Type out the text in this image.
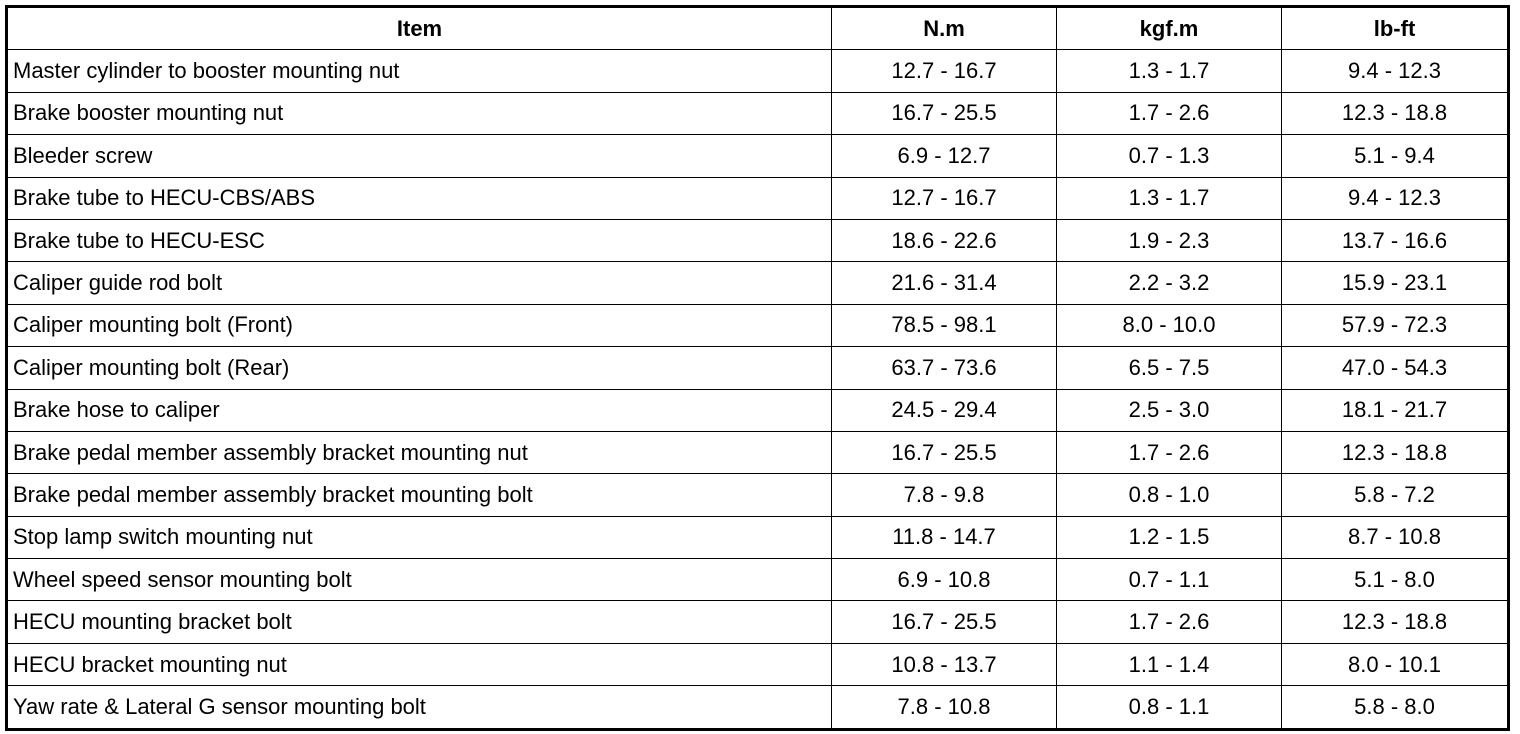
Item	N.m	kgf.m	lb-ft
Master cylinder to booster mounting nut	12.7 - 16.7	1.3 - 1.7	9.4 - 12.3
Brake booster mounting nut	16.7 - 25.5	1.7 - 2.6	12.3 - 18.8
Bleeder screw	6.9 - 12.7	0.7 - 1.3	5.1 - 9.4
Brake tube to HECU-CBS/ABS	12.7 - 16.7	1.3 - 1.7	9.4 - 12.3
Brake tube to HECU-ESC	18.6 - 22.6	1.9 - 2.3	13.7 - 16.6
Caliper guide rod bolt	21.6 - 31.4	2.2 - 3.2	15.9 - 23.1
Caliper mounting bolt (Front)	78.5 - 98.1	8.0 - 10.0	57.9 - 72.3
Caliper mounting bolt (Rear)	63.7 - 73.6	6.5 - 7.5	47.0 - 54.3
Brake hose to caliper	24.5 - 29.4	2.5 - 3.0	18.1 - 21.7
Brake pedal member assembly bracket mounting nut	16.7 - 25.5	1.7 - 2.6	12.3 - 18.8
Brake pedal member assembly bracket mounting bolt	7.8 - 9.8	0.8 - 1.0	5.8 - 7.2
Stop lamp switch mounting nut	11.8 - 14.7	1.2 - 1.5	8.7 - 10.8
Wheel speed sensor mounting bolt	6.9 - 10.8	0.7 - 1.1	5.1 - 8.0
HECU mounting bracket bolt	16.7 - 25.5	1.7 - 2.6	12.3 - 18.8
HECU bracket mounting nut	10.8 - 13.7	1.1 - 1.4	8.0 - 10.1
Yaw rate & Lateral G sensor mounting bolt	7.8 - 10.8	0.8 - 1.1	5.8 - 8.0
